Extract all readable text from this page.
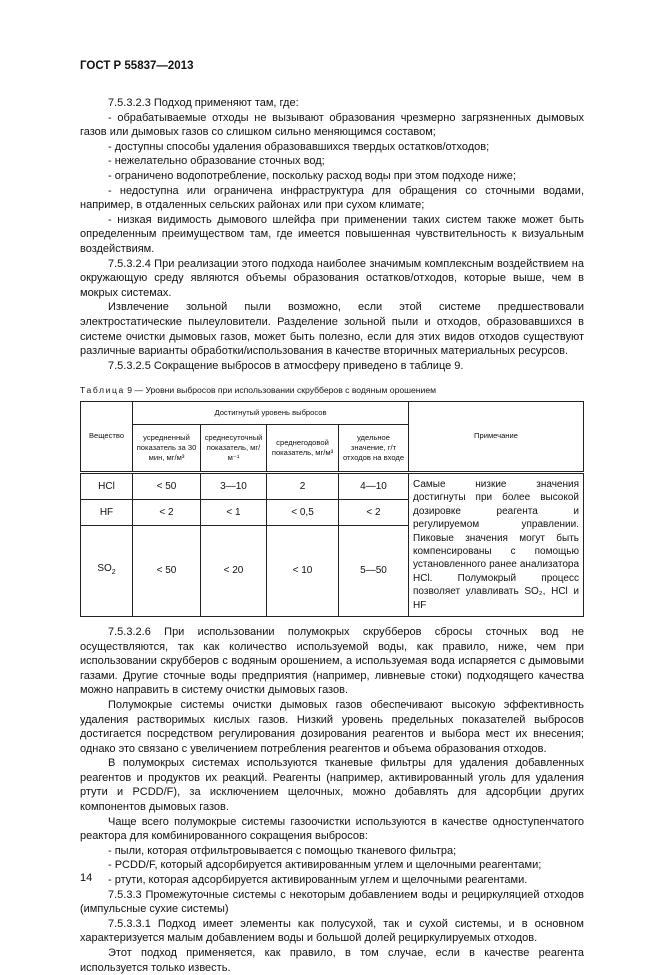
ГОСТ Р 55837—2013

7.5.3.2.3 Подход применяют там, где:

- обрабатываемые отходы не вызывают образования чрезмерно загрязненных дымовых газов или дымовых газов со слишком сильно меняющимся составом;

- доступны способы удаления образовавшихся твердых остатков/отходов;

- нежелательно образование сточных вод;

- ограничено водопотребление, поскольку расход воды при этом подходе ниже;

- недоступна или ограничена инфраструктура для обращения со сточными водами, например, в отдаленных сельских районах или при сухом климате;

- низкая видимость дымового шлейфа при применении таких систем также может быть определенным преимуществом там, где имеется повышенная чувствительность к визуальным воздействиям.

7.5.3.2.4 При реализации этого подхода наиболее значимым комплексным воздействием на окружающую среду являются объемы образования остатков/отходов, которые выше, чем в мокрых системах.

Извлечение зольной пыли возможно, если этой системе предшествовали электростатические пылеуловители. Разделение зольной пыли и отходов, образовавшихся в системе очистки дымовых газов, может быть полезно, если для этих видов отходов существуют различные варианты обработки/использования в качестве вторичных материальных ресурсов.

7.5.3.2.5 Сокращение выбросов в атмосферу приведено в таблице 9.

Таблица 9 — Уровни выбросов при использовании скрубберов с водяным орошением

Вещество	Достигнутый уровень выбросов				Примечание
	усредненный показатель за 30 мин, мг/м³	среднесуточный показатель, мг/м⁻¹	среднегодовой показатель, мг/м³	удельное значение, г/т отходов на входе	
HCl	< 50	3—10	2	4—10	Самые низкие значения достигнуты при более высокой дозировке реагента и регулируемом управлении. Пиковые значения могут быть компенсированы с помощью установленного ранее анализатора HCl. Полумокрый процесс позволяет улавливать SO₂, HCl и HF
HF	< 2	< 1	< 0,5	< 2	
$SO_2$	< 50	< 20	< 10	5—50	

7.5.3.2.6 При использовании полумокрых скрубберов сбросы сточных вод не осуществляются, так как количество используемой воды, как правило, ниже, чем при использовании скрубберов с водяным орошением, а используемая вода испаряется с дымовыми газами. Другие сточные воды предприятия (например, ливневые стоки) подходящего качества можно направить в систему очистки дымовых газов.

Полумокрые системы очистки дымовых газов обеспечивают высокую эффективность удаления растворимых кислых газов. Низкий уровень предельных показателей выбросов достигается посредством регулирования дозирования реагентов и выбора мест их внесения; однако это связано с увеличением потребления реагентов и объема образования отходов.

В полумокрых системах используются тканевые фильтры для удаления добавленных реагентов и продуктов их реакций. Реагенты (например, активированный уголь для удаления ртути и PCDD/F), за исключением щелочных, можно добавлять для адсорбции других компонентов дымовых газов.

Чаще всего полумокрые системы газоочистки используются в качестве одноступенчатого реактора для комбинированного сокращения выбросов:

- пыли, которая отфильтровывается с помощью тканевого фильтра;

- PCDD/F, который адсорбируется активированным углем и щелочными реагентами;

- ртути, которая адсорбируется активированным углем и щелочными реагентами.

7.5.3.3 Промежуточные системы с некоторым добавлением воды и рециркуляцией отходов (импульсные сухие системы)

7.5.3.3.1 Подход имеет элементы как полусухой, так и сухой системы, и в основном характеризуется малым добавлением воды и большой долей рециркулируемых отходов.

Этот подход применяется, как правило, в том случае, если в качестве реагента используется только известь.

14
